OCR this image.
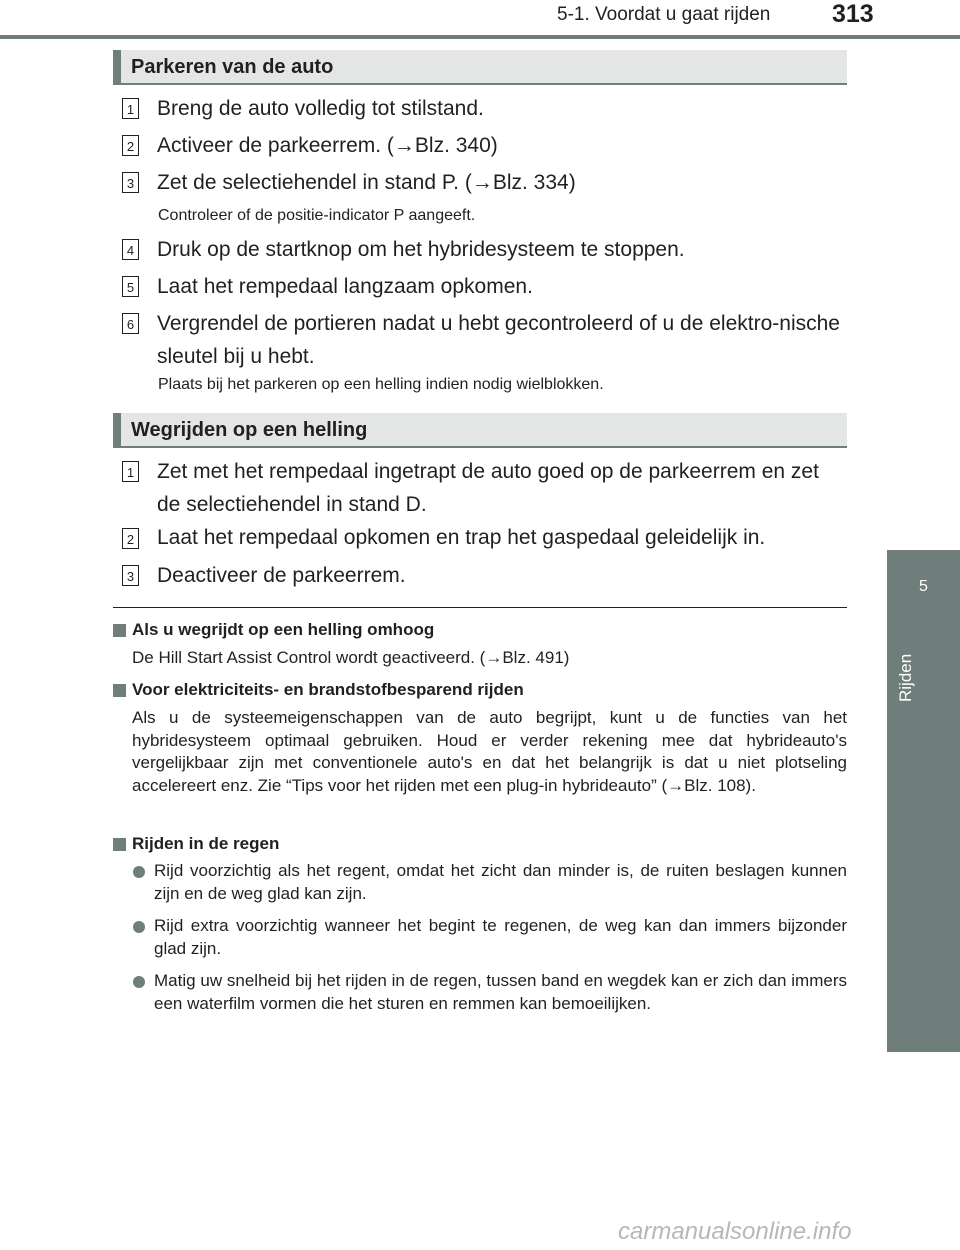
5-1. Voordat u gaat rijden 313
5
Rijden
Parkeren van de auto
1 Breng de auto volledig tot stilstand.
2 Activeer de parkeerrem. (→Blz. 340)
3 Zet de selectiehendel in stand P. (→Blz. 334)
Controleer of de positie-indicator P aangeeft.
4 Druk op de startknop om het hybridesysteem te stoppen.
5 Laat het rempedaal langzaam opkomen.
6 Vergrendel de portieren nadat u hebt gecontroleerd of u de elektro-nische sleutel bij u hebt.
Plaats bij het parkeren op een helling indien nodig wielblokken.
Wegrijden op een helling
1 Zet met het rempedaal ingetrapt de auto goed op de parkeerrem en zet de selectiehendel in stand D.
2 Laat het rempedaal opkomen en trap het gaspedaal geleidelijk in.
3 Deactiveer de parkeerrem.
Als u wegrijdt op een helling omhoog
De Hill Start Assist Control wordt geactiveerd. (→Blz. 491)
Voor elektriciteits- en brandstofbesparend rijden
Als u de systeemeigenschappen van de auto begrijpt, kunt u de functies van het hybridesysteem optimaal gebruiken. Houd er verder rekening mee dat hybrideauto's vergelijkbaar zijn met conventionele auto's en dat het belangrijk is dat u niet plotseling accelereert enz. Zie “Tips voor het rijden met een plug-in hybrideauto” (→Blz. 108).
Rijden in de regen
Rijd voorzichtig als het regent, omdat het zicht dan minder is, de ruiten beslagen kunnen zijn en de weg glad kan zijn.
Rijd extra voorzichtig wanneer het begint te regenen, de weg kan dan immers bijzonder glad zijn.
Matig uw snelheid bij het rijden in de regen, tussen band en wegdek kan er zich dan immers een waterfilm vormen die het sturen en remmen kan bemoeilijken.
carmanualsonline.info
